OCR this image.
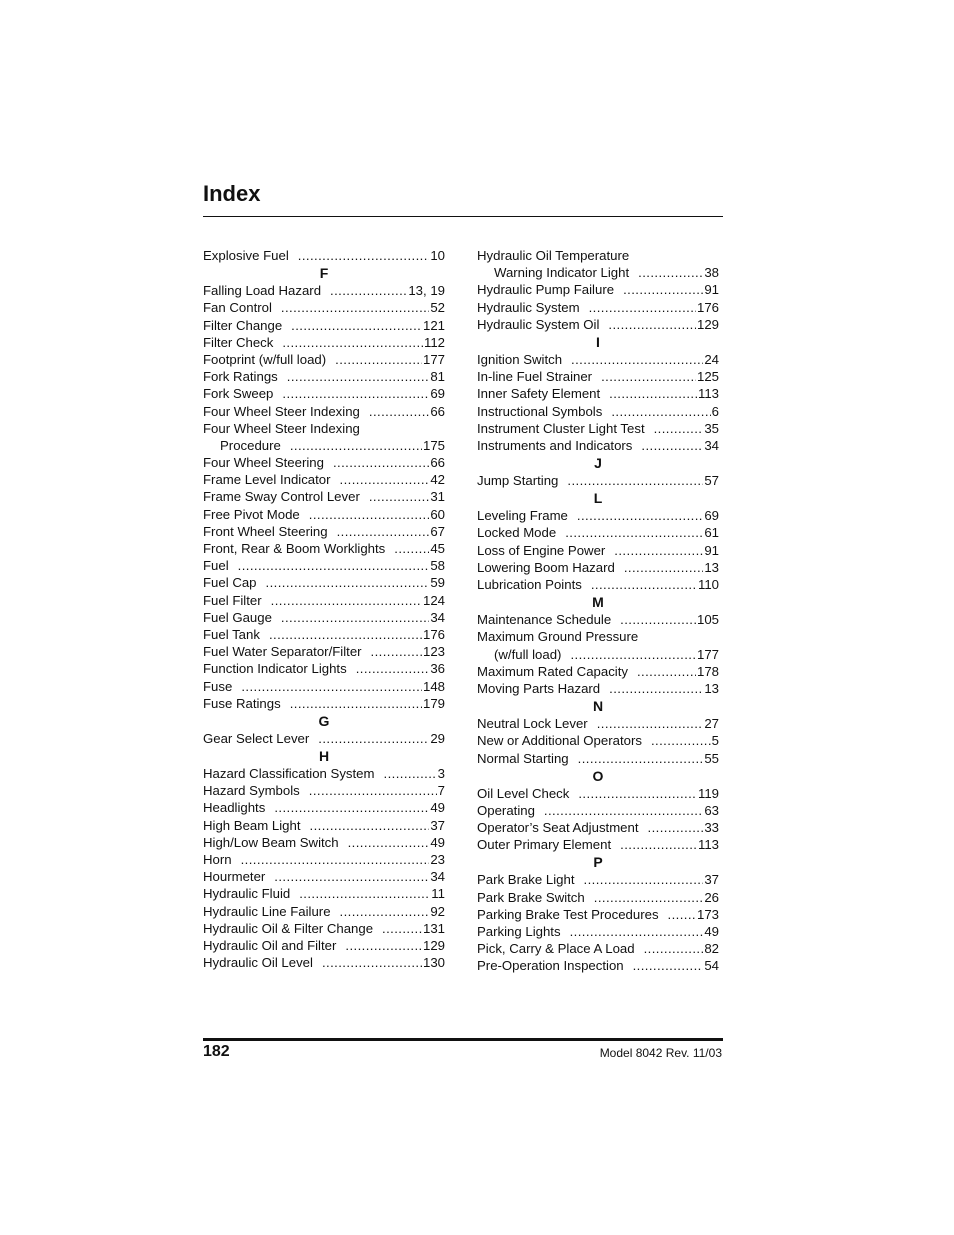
Index
Explosive Fuel .....	10
F
Falling Load Hazard .....	13, 19
Fan Control .....	52
Filter Change .....	121
Filter Check .....	112
Footprint (w/full load) .....	177
Fork Ratings .....	81
Fork Sweep .....	69
Four Wheel Steer Indexing .....	66
Four Wheel Steer Indexing
Procedure .....	175
Four Wheel Steering .....	66
Frame Level Indicator .....	42
Frame Sway Control Lever .....	31
Free Pivot Mode .....	60
Front Wheel Steering .....	67
Front, Rear & Boom Worklights .....	45
Fuel .....	58
Fuel Cap .....	59
Fuel Filter .....	124
Fuel Gauge .....	34
Fuel Tank .....	176
Fuel Water Separator/Filter .....	123
Function Indicator Lights .....	36
Fuse .....	148
Fuse Ratings .....	179
G
Gear Select Lever .....	29
H
Hazard Classification System .....	3
Hazard Symbols .....	7
Headlights .....	49
High Beam Light .....	37
High/Low Beam Switch .....	49
Horn .....	23
Hourmeter .....	34
Hydraulic Fluid .....	11
Hydraulic Line Failure .....	92
Hydraulic Oil & Filter Change .....	131
Hydraulic Oil and Filter .....	129
Hydraulic Oil Level .....	130
Hydraulic Oil Temperature
Warning Indicator Light .....	38
Hydraulic Pump Failure .....	91
Hydraulic System .....	176
Hydraulic System Oil .....	129
I
Ignition Switch .....	24
In-line Fuel Strainer .....	125
Inner Safety Element .....	113
Instructional Symbols .....	6
Instrument Cluster Light Test .....	35
Instruments and Indicators .....	34
J
Jump Starting .....	57
L
Leveling Frame .....	69
Locked Mode .....	61
Loss of Engine Power .....	91
Lowering Boom Hazard .....	13
Lubrication Points .....	110
M
Maintenance Schedule .....	105
Maximum Ground Pressure
(w/full load) .....	177
Maximum Rated Capacity .....	178
Moving Parts Hazard .....	13
N
Neutral Lock Lever .....	27
New or Additional Operators .....	5
Normal Starting .....	55
O
Oil Level Check .....	119
Operating .....	63
Operator’s Seat Adjustment .....	33
Outer Primary Element .....	113
P
Park Brake Light .....	37
Park Brake Switch .....	26
Parking Brake Test Procedures .....	173
Parking Lights .....	49
Pick, Carry & Place A Load .....	82
Pre-Operation Inspection .....	54
182	Model 8042 Rev. 11/03
